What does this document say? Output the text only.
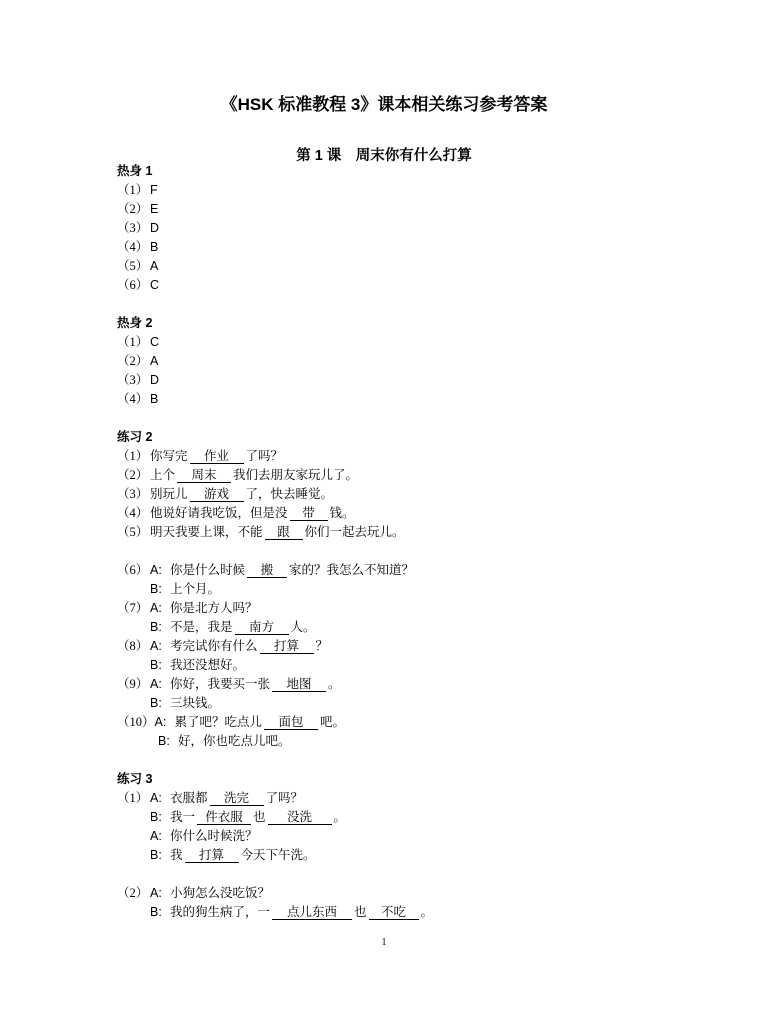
《HSK 标准教程 3》课本相关练习参考答案
第 1 课　周末你有什么打算
热身 1
（1） F
（2） E
（3） D
（4） B
（5） A
（6） C
热身 2
（1） C
（2） A
（3） D
（4） B
练习 2
（1） 你写完 作业 了吗？
（2） 上个 周末 我们去朋友家玩儿了。
（3） 别玩儿 游戏 了，快去睡觉。
（4） 他说好请我吃饭，但是没 带 钱。
（5） 明天我要上课，不能 跟 你们一起去玩儿。
（6） A: 你是什么时候 搬 家的？我怎么不知道？
B: 上个月。
（7） A: 你是北方人吗？
B: 不是，我是 南方 人。
（8） A: 考完试你有什么 打算 ？
B: 我还没想好。
（9） A: 你好，我要买一张 地图 。
B: 三块钱。
（10）A: 累了吧？吃点儿 面包 吧。
B: 好，你也吃点儿吧。
练习 3
（1） A: 衣服都 洗完 了吗？
B: 我一 件衣服 也 没洗 。
A: 你什么时候洗？
B: 我 打算 今天下午洗。
（2） A: 小狗怎么没吃饭？
B: 我的狗生病了，一 点儿东西 也 不吃 。
1
